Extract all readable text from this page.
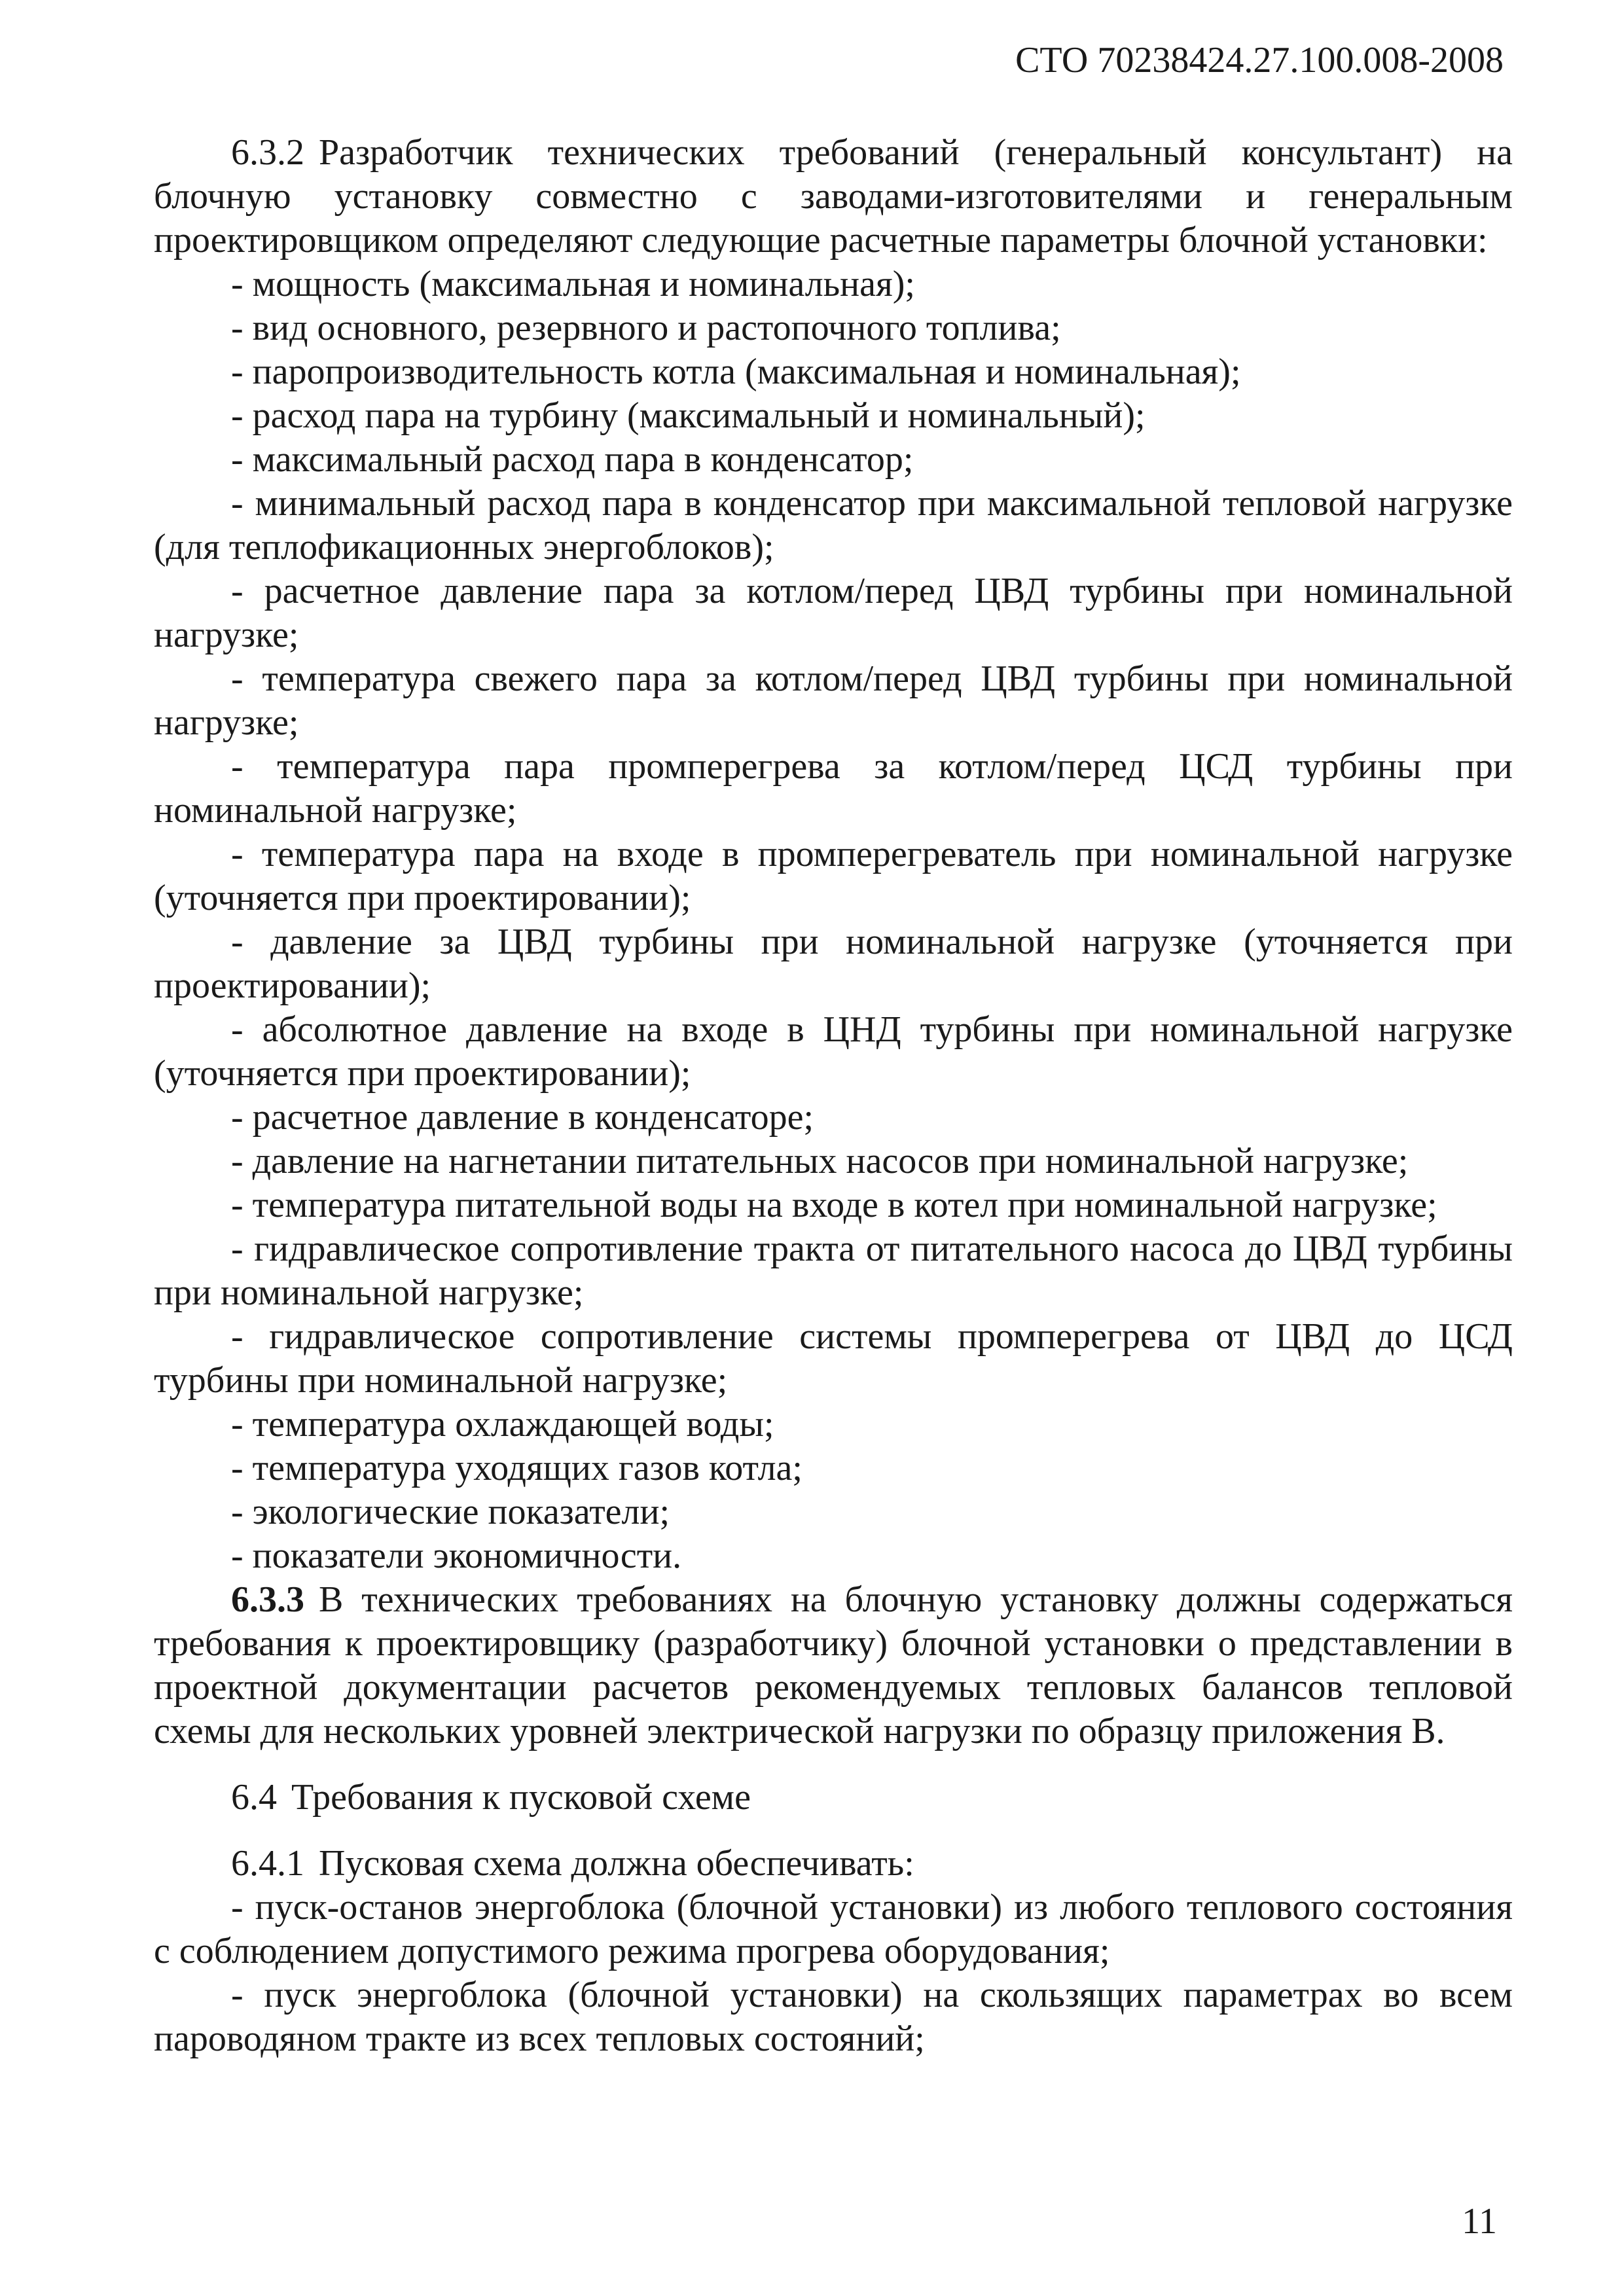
СТО 70238424.27.100.008-2008

6.3.2 Разработчик технических требований (генеральный консультант) на блочную установку совместно с заводами-изготовителями и генеральным проектировщиком определяют следующие расчетные параметры блочной установки:

- мощность (максимальная и номинальная);

- вид основного, резервного и растопочного топлива;

- паропроизводительность котла (максимальная и номинальная);

- расход пара на турбину (максимальный и номинальный);

- максимальный расход пара в конденсатор;

- минимальный расход пара в конденсатор при максимальной тепловой нагрузке (для теплофикационных энергоблоков);

- расчетное давление пара за котлом/перед ЦВД турбины при номинальной нагрузке;

- температура свежего пара за котлом/перед ЦВД турбины при номинальной нагрузке;

- температура пара промперегрева за котлом/перед ЦСД турбины при номинальной нагрузке;

- температура пара на входе в промперегреватель при номинальной нагрузке (уточняется при проектировании);

- давление за ЦВД турбины при номинальной нагрузке (уточняется при проектировании);

- абсолютное давление на входе в ЦНД турбины при номинальной нагрузке (уточняется при проектировании);

- расчетное давление в конденсаторе;

- давление на нагнетании питательных насосов при номинальной нагрузке;

- температура питательной воды на входе в котел при номинальной нагрузке;

- гидравлическое сопротивление тракта от питательного насоса до ЦВД турбины при номинальной нагрузке;

- гидравлическое сопротивление системы промперегрева от ЦВД до ЦСД турбины при номинальной нагрузке;

- температура охлаждающей воды;

- температура уходящих газов котла;

- экологические показатели;

- показатели экономичности.

6.3.3 В технических требованиях на блочную установку должны содержаться требования к проектировщику (разработчику) блочной установки о представлении в проектной документации расчетов рекомендуемых тепловых балансов тепловой схемы для нескольких уровней электрической нагрузки по образцу приложения В.

6.4 Требования к пусковой схеме

6.4.1 Пусковая схема должна обеспечивать:

- пуск-останов энергоблока (блочной установки) из любого теплового состояния с соблюдением допустимого режима прогрева оборудования;

- пуск энергоблока (блочной установки) на скользящих параметрах во всем пароводяном тракте из всех тепловых состояний;

11
